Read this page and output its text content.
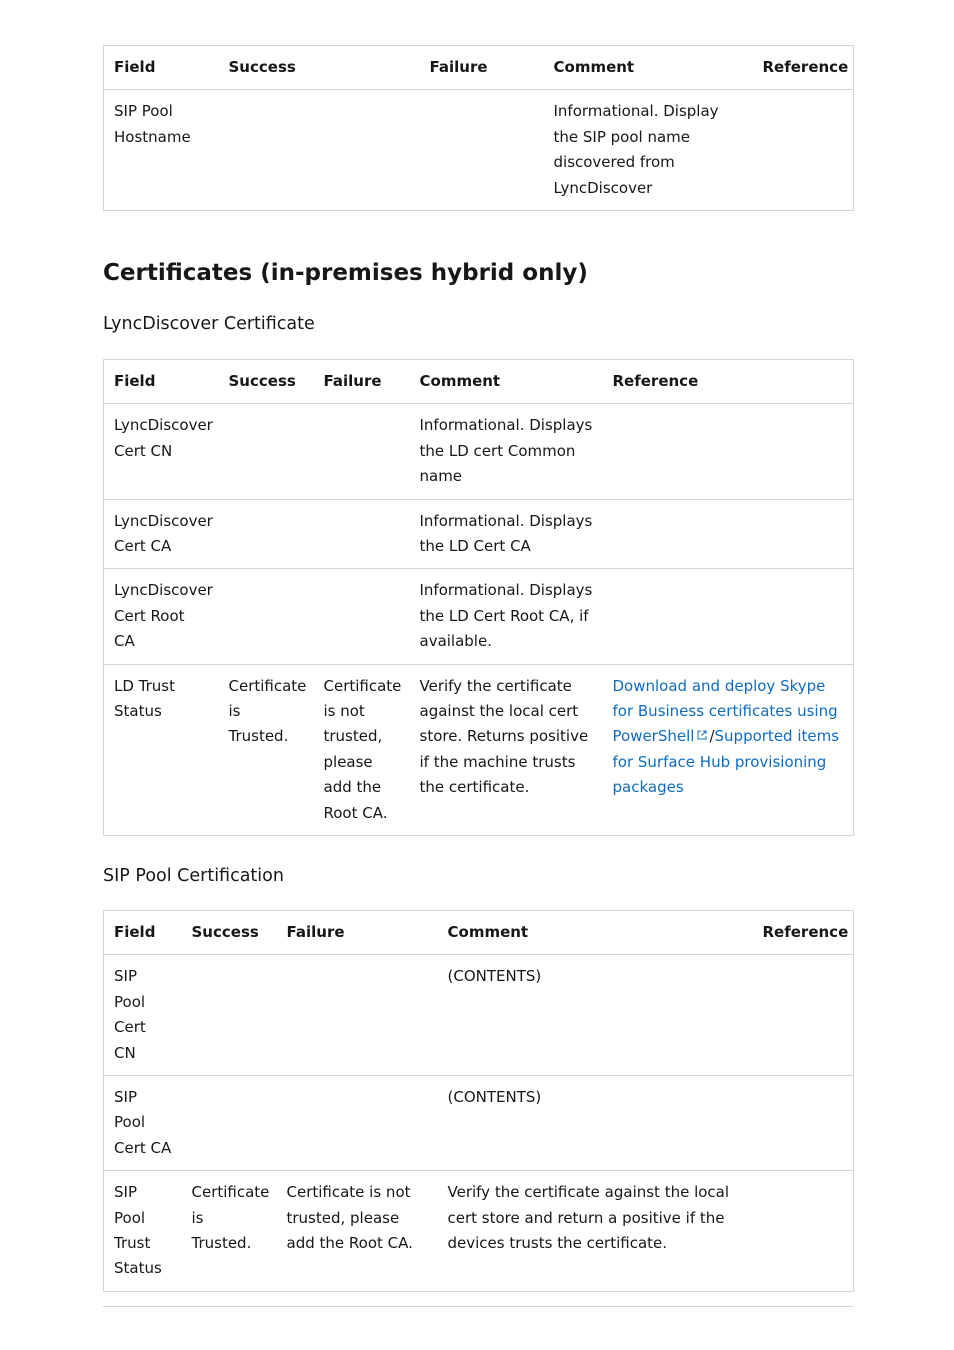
Field	Success	Failure	Comment	Reference
SIP Pool Hostname			Informational. Display the SIP pool name discovered from LyncDiscover	
Certificates (in-premises hybrid only)

LyncDiscover Certificate

Field	Success	Failure	Comment	Reference
LyncDiscover Cert CN			Informational. Displays the LD cert Common name	
LyncDiscover Cert CA			Informational. Displays the LD Cert CA	
LyncDiscover Cert Root CA			Informational. Displays the LD Cert Root CA, if available.	
LD Trust Status	Certificate is Trusted.	Certificate is not trusted, please add the Root CA.	Verify the certificate against the local cert store. Returns positive if the machine trusts the certificate.	Download and deploy Skype for Business certificates using PowerShell /Supported items for Surface Hub provisioning packages

SIP Pool Certification

Field	Success	Failure	Comment	Reference
SIP Pool Cert CN			(CONTENTS)	
SIP Pool Cert CA			(CONTENTS)	
SIP Pool Trust Status	Certificate is Trusted.	Certificate is not trusted, please add the Root CA.	Verify the certificate against the local cert store and return a positive if the devices trusts the certificate.	
